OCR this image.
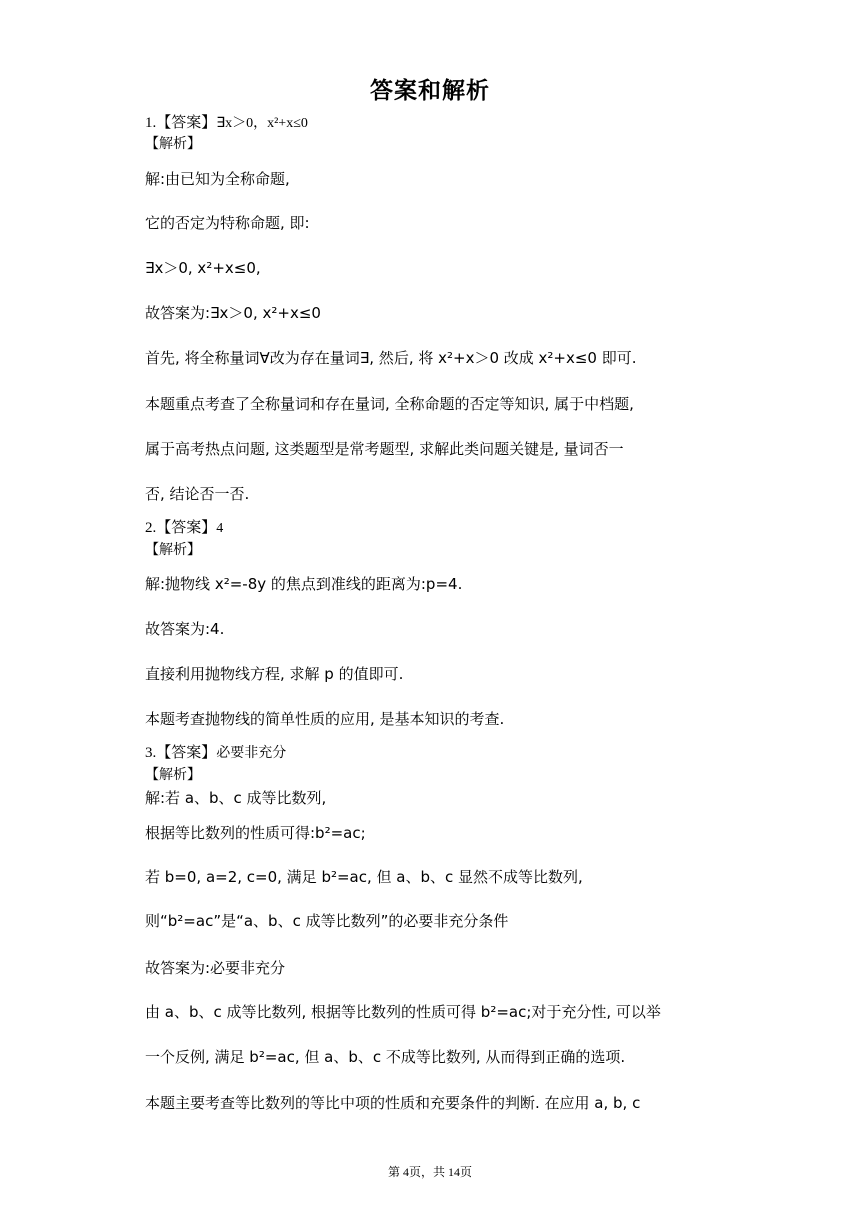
答案和解析
1.【答案】∃x＞0，x²+x≤0
【解析】
解:由已知为全称命题,
它的否定为特称命题, 即:
∃x＞0, x²+x≤0,
故答案为:∃x＞0, x²+x≤0
首先, 将全称量词∀改为存在量词∃, 然后, 将 x²+x＞0 改成 x²+x≤0 即可.
本题重点考查了全称量词和存在量词, 全称命题的否定等知识, 属于中档题,
属于高考热点问题, 这类题型是常考题型, 求解此类问题关键是, 量词否一
否, 结论否一否.
2.【答案】4
【解析】
解:抛物线 x²=-8y 的焦点到准线的距离为:p=4.
故答案为:4.
直接利用抛物线方程, 求解 p 的值即可.
本题考查抛物线的简单性质的应用, 是基本知识的考查.
3.【答案】必要非充分
【解析】
解:若 a、b、c 成等比数列,
根据等比数列的性质可得:b²=ac;
若 b=0, a=2, c=0, 满足 b²=ac, 但 a、b、c 显然不成等比数列,
则“b²=ac”是“a、b、c 成等比数列”的必要非充分条件
故答案为:必要非充分
由 a、b、c 成等比数列, 根据等比数列的性质可得 b²=ac;对于充分性, 可以举
一个反例, 满足 b²=ac, 但 a、b、c 不成等比数列, 从而得到正确的选项.
本题主要考查等比数列的等比中项的性质和充要条件的判断. 在应用 a, b, c
第 4页，共 14页
